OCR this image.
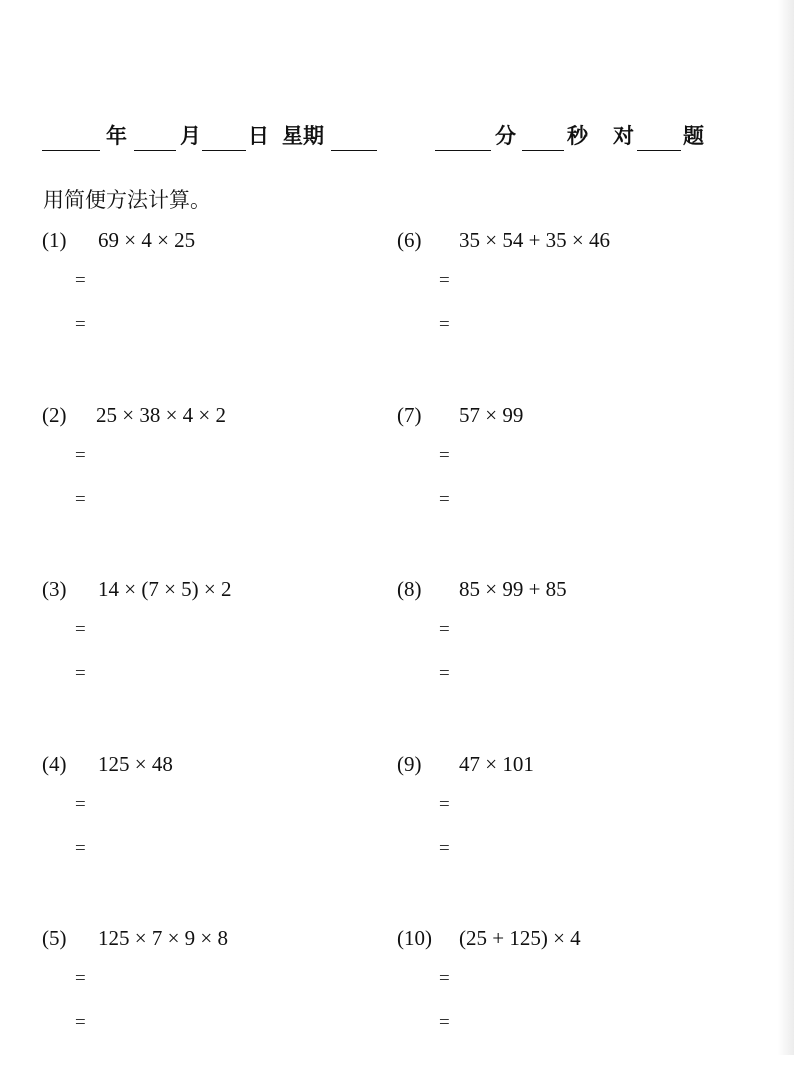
年	月 日 星期	分 秒 对 题
用简便方法计算。
(1) 69 × 4 × 25
=
=
(2) 25 × 38 × 4 × 2
=
=
(3) 14 × (7 × 5) × 2
=
=
(4) 125 × 48
=
=
(5) 125 × 7 × 9 × 8
=
=
(6) 35 × 54 + 35 × 46
=
=
(7) 57 × 99
=
=
(8) 85 × 99 + 85
=
=
(9) 47 × 101
=
=
(10) (25 + 125) × 4
=
=
